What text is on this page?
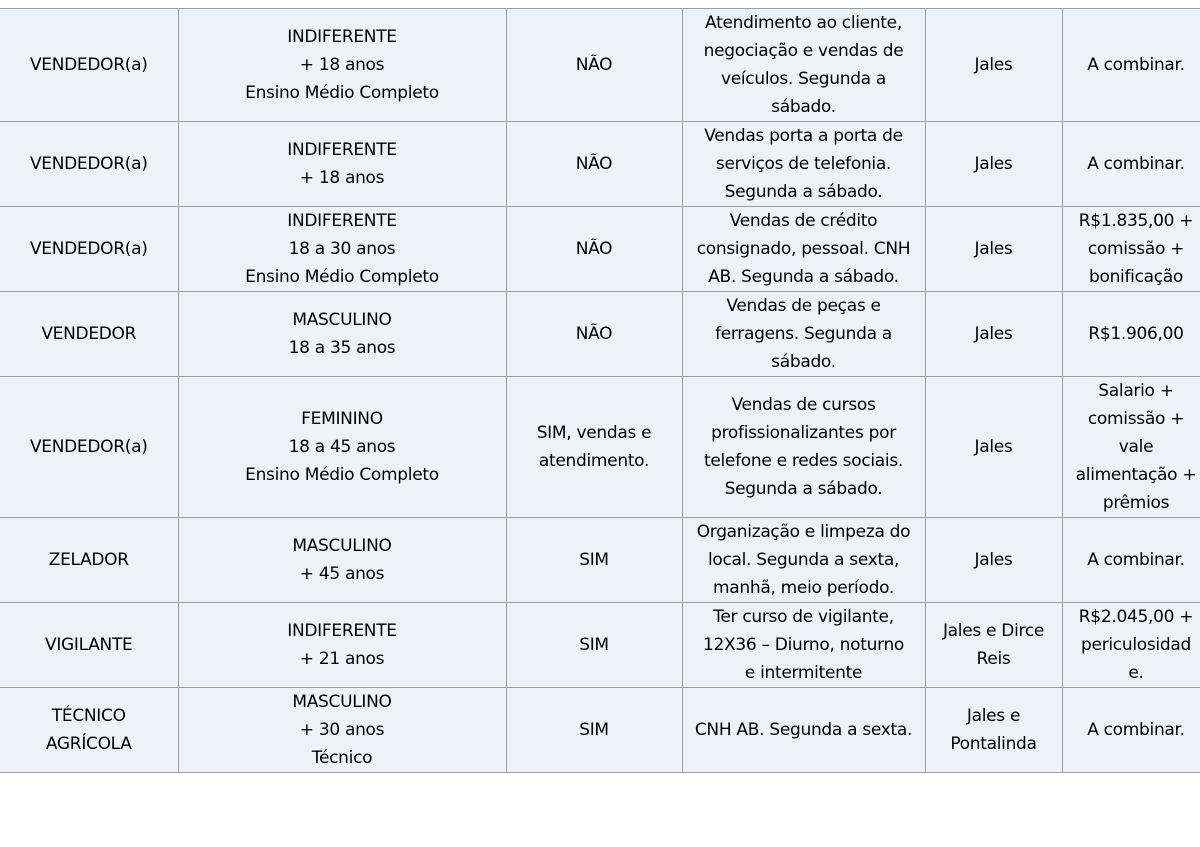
VENDEDOR(a)	INDIFERENTE
+ 18 anos
Ensino Médio Completo	NÃO	Atendimento ao cliente,
negociação e vendas de
veículos. Segunda a
sábado.	Jales	A combinar.
VENDEDOR(a)	INDIFERENTE
+ 18 anos	NÃO	Vendas porta a porta de
serviços de telefonia.
Segunda a sábado.	Jales	A combinar.
VENDEDOR(a)	INDIFERENTE
18 a 30 anos
Ensino Médio Completo	NÃO	Vendas de crédito
consignado, pessoal. CNH
AB. Segunda a sábado.	Jales	R$1.835,00 +
comissão +
bonificação
VENDEDOR	MASCULINO
18 a 35 anos	NÃO	Vendas de peças e
ferragens. Segunda a
sábado.	Jales	R$1.906,00
VENDEDOR(a)	FEMININO
18 a 45 anos
Ensino Médio Completo	SIM, vendas e
atendimento.	Vendas de cursos
profissionalizantes por
telefone e redes sociais.
Segunda a sábado.	Jales	Salario +
comissão +
vale
alimentação +
prêmios
ZELADOR	MASCULINO
+ 45 anos	SIM	Organização e limpeza do
local. Segunda a sexta,
manhã, meio período.	Jales	A combinar.
VIGILANTE	INDIFERENTE
+ 21 anos	SIM	Ter curso de vigilante,
12X36 – Diurno, noturno
e intermitente	Jales e Dirce
Reis	R$2.045,00 +
periculosidad
e.
TÉCNICO
AGRÍCOLA	MASCULINO
+ 30 anos
Técnico	SIM	CNH AB. Segunda a sexta.	Jales e
Pontalinda	A combinar.
